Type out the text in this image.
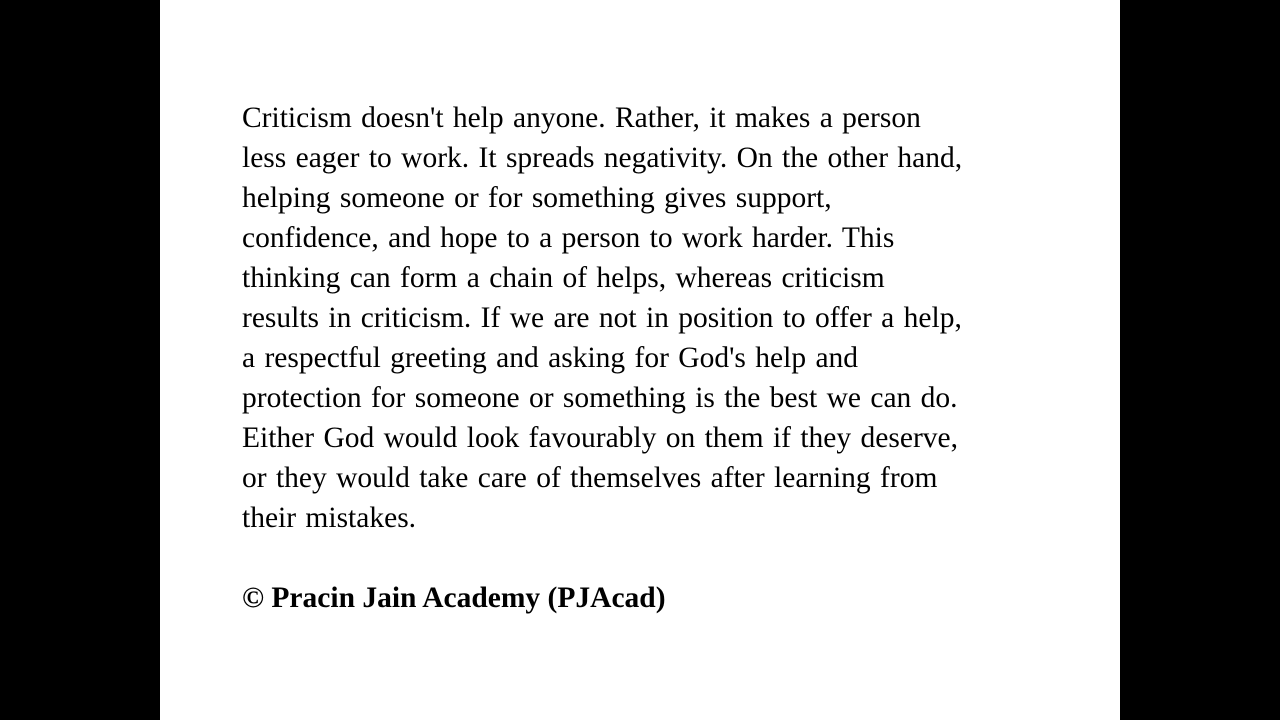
Criticism doesn't help anyone. Rather, it makes a person
less eager to work. It spreads negativity. On the other hand,
helping someone or for something gives support,
confidence, and hope to a person to work harder. This
thinking can form a chain of helps, whereas criticism
results in criticism. If we are not in position to offer a help,
a respectful greeting and asking for God's help and
protection for someone or something is the best we can do.
Either God would look favourably on them if they deserve,
or they would take care of themselves after learning from
their mistakes.
© Pracin Jain Academy (PJAcad)
